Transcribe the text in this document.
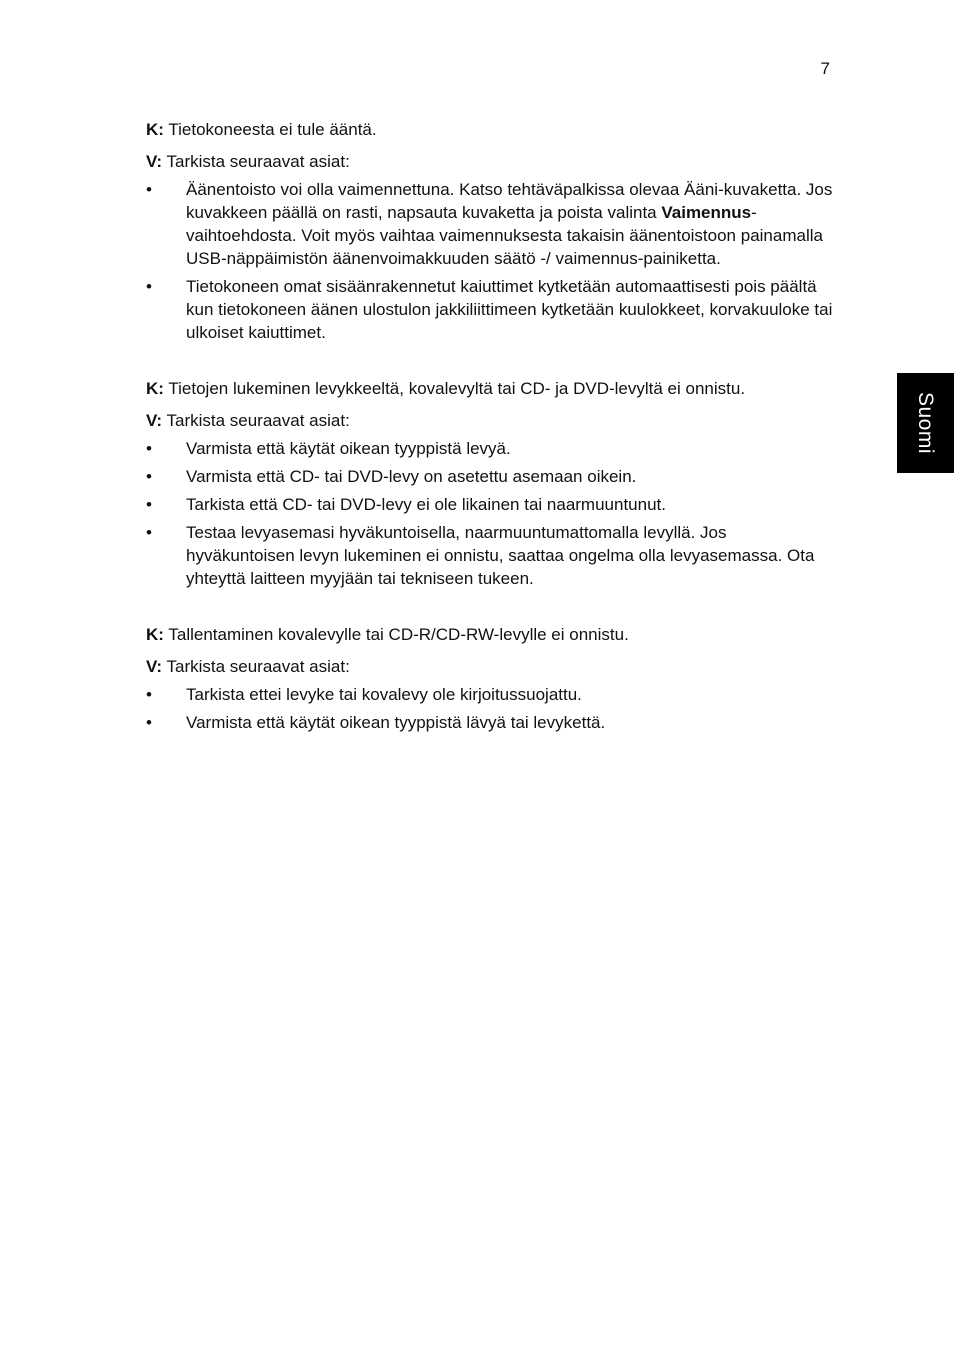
7
Suomi

K: Tietokoneesta ei tule ääntä.

V: Tarkista seuraavat asiat:

• Äänentoisto voi olla vaimennettuna. Katso tehtäväpalkissa olevaa Ääni-kuvaketta. Jos kuvakkeen päällä on rasti, napsauta kuvaketta ja poista valinta Vaimennus-vaihtoehdosta. Voit myös vaihtaa vaimennuksesta takaisin äänentoistoon painamalla USB-näppäimistön äänenvoimakkuuden säätö -/ vaimennus-painiketta.
• Tietokoneen omat sisäänrakennetut kaiuttimet kytketään automaattisesti pois päältä kun tietokoneen äänen ulostulon jakkiliittimeen kytketään kuulokkeet, korvakuuloke tai ulkoiset kaiuttimet.

K: Tietojen lukeminen levykkeeltä, kovalevyltä tai CD- ja DVD-levyltä ei onnistu.

V: Tarkista seuraavat asiat:

• Varmista että käytät oikean tyyppistä levyä.
• Varmista että CD- tai DVD-levy on asetettu asemaan oikein.
• Tarkista että CD- tai DVD-levy ei ole likainen tai naarmuuntunut.
• Testaa levyasemasi hyväkuntoisella, naarmuuntumattomalla levyllä. Jos hyväkuntoisen levyn lukeminen ei onnistu, saattaa ongelma olla levyasemassa. Ota yhteyttä laitteen myyjään tai tekniseen tukeen.

K: Tallentaminen kovalevylle tai CD-R/CD-RW-levylle ei onnistu.

V: Tarkista seuraavat asiat:

• Tarkista ettei levyke tai kovalevy ole kirjoitussuojattu.
• Varmista että käytät oikean tyyppistä lävyä tai levykettä.
